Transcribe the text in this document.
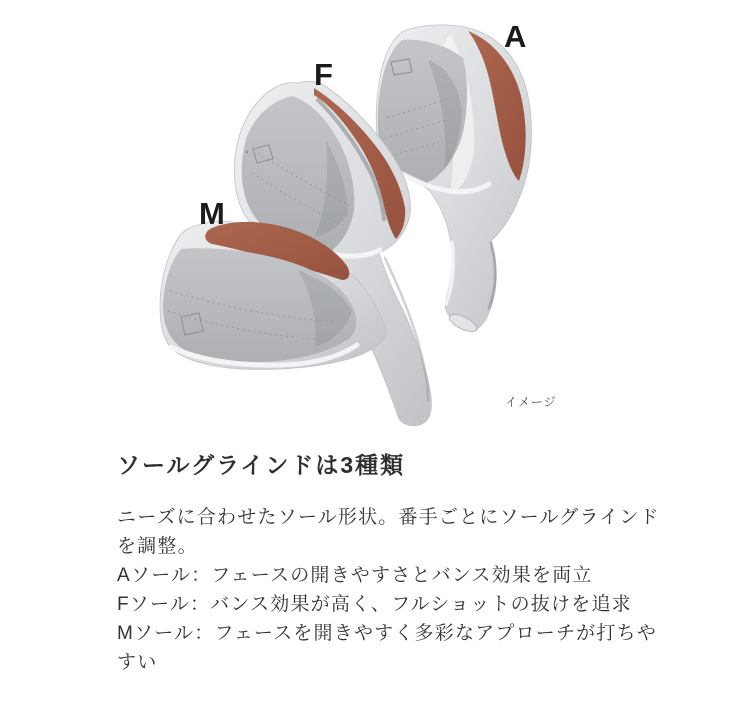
A
F
M
イメージ
ソールグラインドは3種類
ニーズに合わせたソール形状。番手ごとにソールグラインド
を調整。
Aソール：フェースの開きやすさとバンス効果を両立
Fソール：バンス効果が高く、フルショットの抜けを追求
Mソール：フェースを開きやすく多彩なアプローチが打ちや
すい
